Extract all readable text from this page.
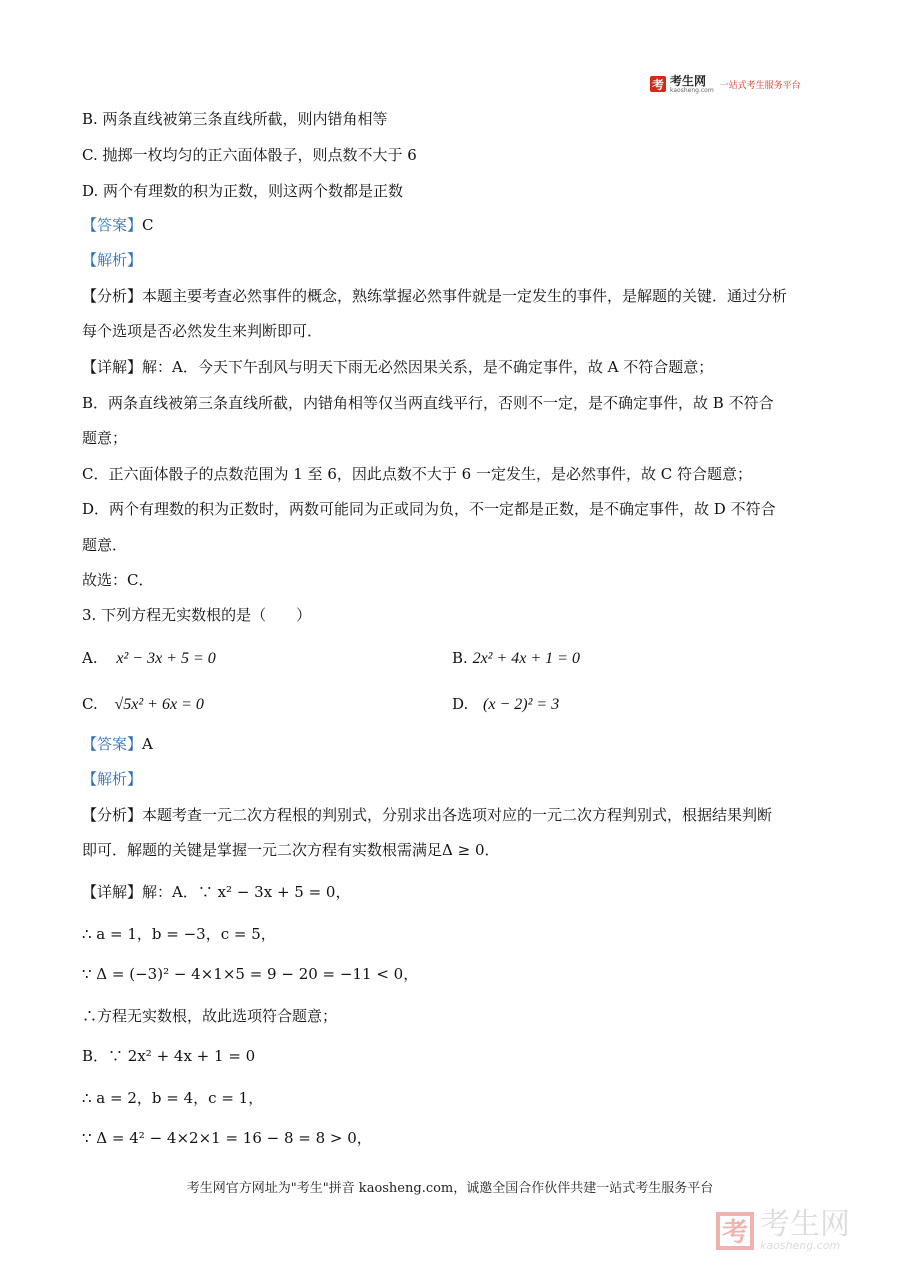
考 考生网
kaosheng.com 一站式考生服务平台
B. 两条直线被第三条直线所截，则内错角相等
C. 抛掷一枚均匀的正六面体骰子，则点数不大于 6
D. 两个有理数的积为正数，则这两个数都是正数
【答案】C
【解析】
【分析】本题主要考查必然事件的概念，熟练掌握必然事件就是一定发生的事件，是解题的关键．通过分析
每个选项是否必然发生来判断即可．
【详解】解：A．今天下午刮风与明天下雨无必然因果关系，是不确定事件，故 A 不符合题意；
B．两条直线被第三条直线所截，内错角相等仅当两直线平行，否则不一定，是不确定事件，故 B 不符合
题意；
C．正六面体骰子的点数范围为 1 至 6，因此点数不大于 6 一定发生，是必然事件，故 C 符合题意；
D．两个有理数的积为正数时，两数可能同为正或同为负，不一定都是正数，是不确定事件，故 D 不符合
题意．
故选：C．
3. 下列方程无实数根的是（　　）
A. x² − 3x + 5 = 0	B. 2x² + 4x + 1 = 0
C. √5x² + 6x = 0	D. (x − 2)² = 3
【答案】A
【解析】
【分析】本题考查一元二次方程根的判别式，分别求出各选项对应的一元二次方程判别式，根据结果判断
即可．解题的关键是掌握一元二次方程有实数根需满足Δ ≥ 0．
【详解】解：A．∵ x² − 3x + 5 = 0，
∴ a = 1，b = −3，c = 5，
∵ Δ = (−3)² − 4×1×5 = 9 − 20 = −11 < 0，
∴方程无实数根，故此选项符合题意；
B．∵ 2x² + 4x + 1 = 0
∴ a = 2，b = 4，c = 1，
∵ Δ = 4² − 4×2×1 = 16 − 8 = 8 > 0，
考生网官方网址为"考生"拼音 kaosheng.com，诚邀全国合作伙伴共建一站式考生服务平台
考 考生网
kaosheng.com
